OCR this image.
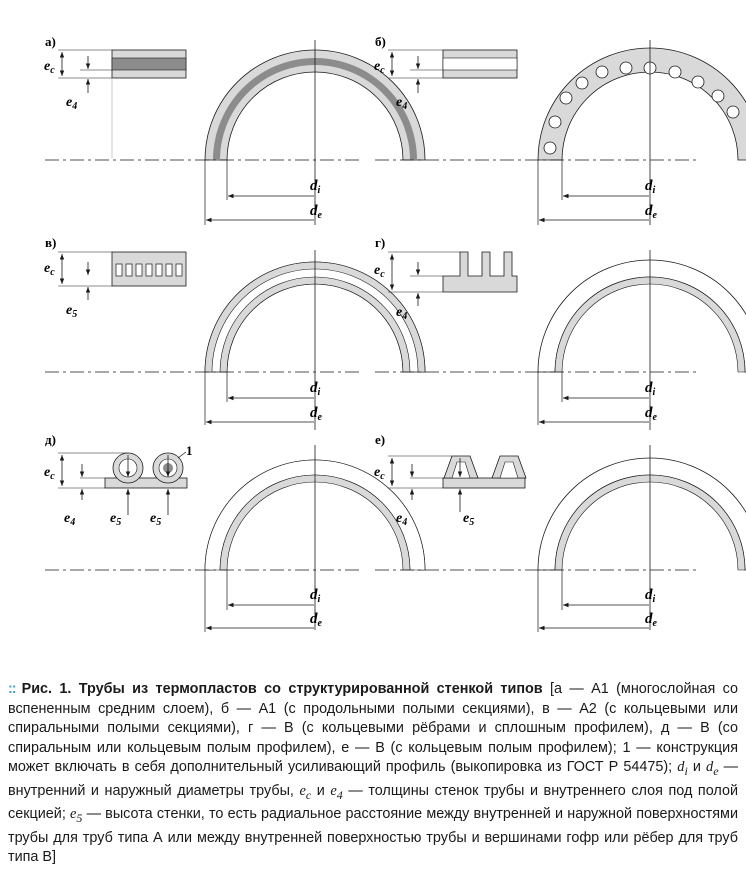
а)
$d_i$
$d_e$
$e_c$
$e_4$
б)
$d_i$
$d_e$
$e_c$
$e_4$
в)
$d_i$
$d_e$
$e_c$
$e_5$
г)
$d_i$
$d_e$
$e_c$
$e_4$
д)
1
$d_i$
$d_e$
$e_c$
$e_4$ $e_5$ $e_5$
е)
$d_i$
$d_e$
$e_c$
$e_4$	$e_5$
:: Рис. 1. Трубы из термопластов со структурированной стенкой типов [а — А1 (многослойная со вспененным средним слоем), б — А1 (с продольными полыми секциями), в — А2 (с кольцевыми или спиральными полыми секциями), г — В (с кольцевыми рёбрами и сплошным профилем), д — В (со спиральным или кольцевым полым профилем), е — В (с кольцевым полым профилем); 1 — конструкция может включать в себя дополнительный усиливающий профиль (выкопировка из ГОСТ Р 54475); $d_i$ и $d_e$ — внутренний и наружный диаметры трубы, $e_c$ и $e_4$ — толщины стенок трубы и внутреннего слоя под полой секцией; $e_5$ — высота стенки, то есть радиальное расстояние между внутренней и наружной поверхностями трубы для труб типа А или между внутренней поверхностью трубы и вершинами гофр или рёбер для труб типа В]
